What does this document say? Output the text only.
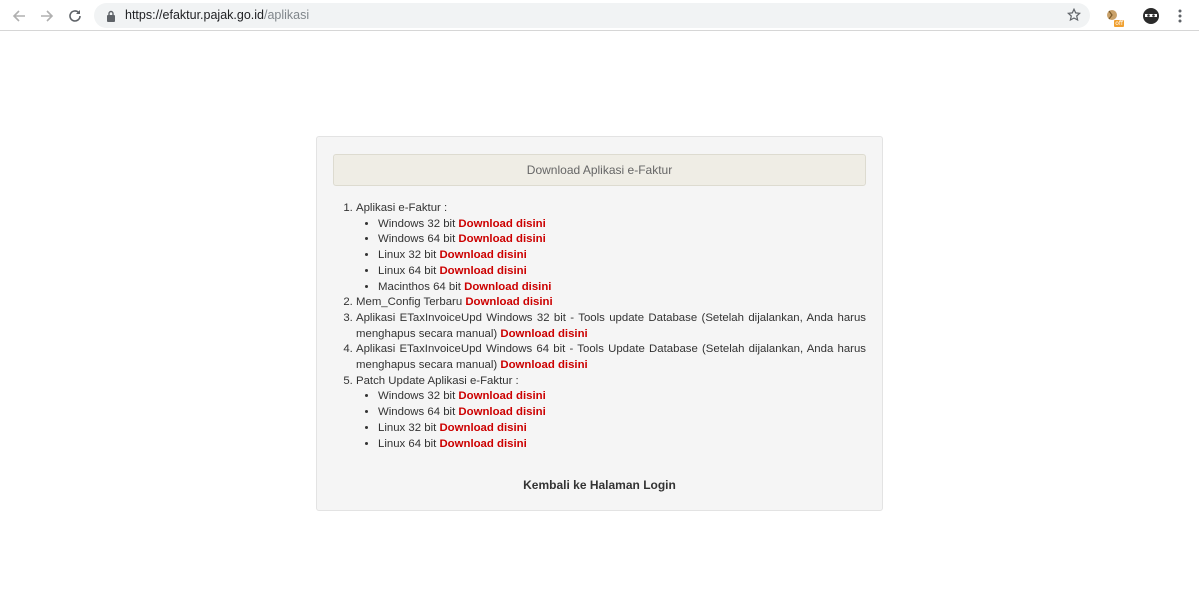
https://efaktur.pajak.go.id/aplikasi
off
Download Aplikasi e-Faktur
1. Aplikasi e-Faktur :
• Windows 32 bit Download disini
• Windows 64 bit Download disini
• Linux 32 bit Download disini
• Linux 64 bit Download disini
• Macinthos 64 bit Download disini
2. Mem_Config Terbaru Download disini
3. Aplikasi ETaxInvoiceUpd Windows 32 bit - Tools update Database (Setelah dijalankan, Anda harus menghapus secara manual) Download disini
4. Aplikasi ETaxInvoiceUpd Windows 64 bit - Tools Update Database (Setelah dijalankan, Anda harus menghapus secara manual) Download disini
5. Patch Update Aplikasi e-Faktur :
• Windows 32 bit Download disini
• Windows 64 bit Download disini
• Linux 32 bit Download disini
• Linux 64 bit Download disini
Kembali ke Halaman Login
